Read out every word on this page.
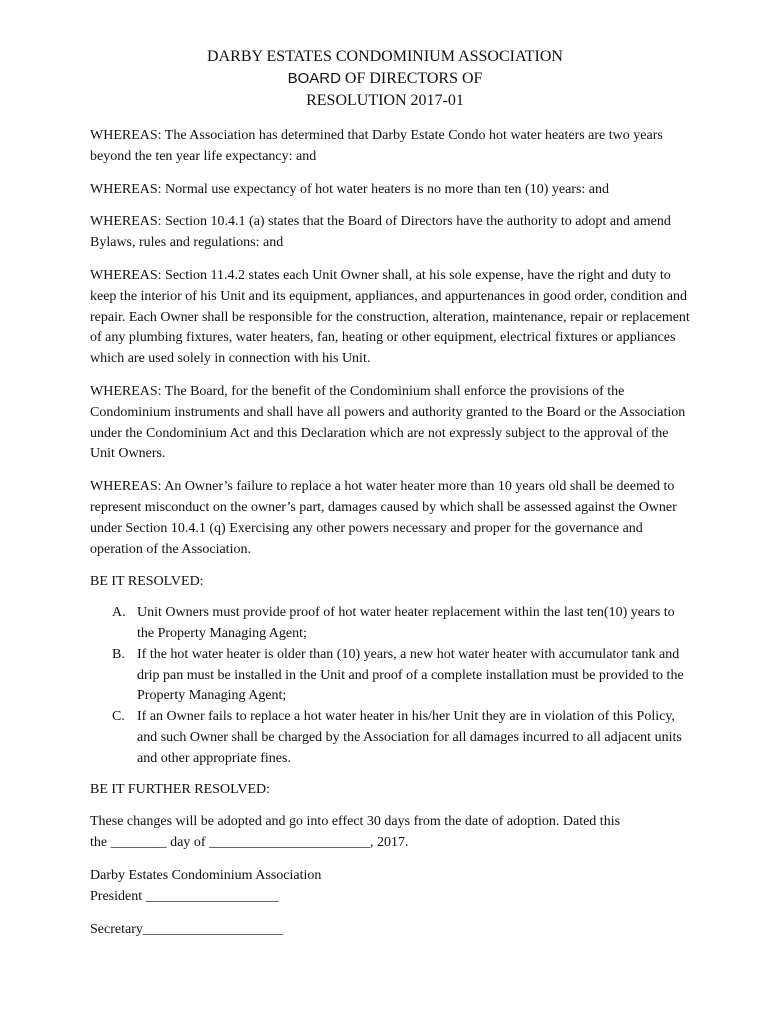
DARBY ESTATES CONDOMINIUM ASSOCIATION
BOARD OF DIRECTORS OF
RESOLUTION 2017-01

WHEREAS: The Association has determined that Darby Estate Condo hot water heaters are two years beyond the ten year life expectancy: and

WHEREAS: Normal use expectancy of hot water heaters is no more than ten (10) years: and

WHEREAS: Section 10.4.1 (a) states that the Board of Directors have the authority to adopt and amend Bylaws, rules and regulations: and

WHEREAS: Section 11.4.2 states each Unit Owner shall, at his sole expense, have the right and duty to keep the interior of his Unit and its equipment, appliances, and appurtenances in good order, condition and repair. Each Owner shall be responsible for the construction, alteration, maintenance, repair or replacement of any plumbing fixtures, water heaters, fan, heating or other equipment, electrical fixtures or appliances which are used solely in connection with his Unit.

WHEREAS: The Board, for the benefit of the Condominium shall enforce the provisions of the Condominium instruments and shall have all powers and authority granted to the Board or the Association under the Condominium Act and this Declaration which are not expressly subject to the approval of the Unit Owners.

WHEREAS: An Owner’s failure to replace a hot water heater more than 10 years old shall be deemed to represent misconduct on the owner’s part, damages caused by which shall be assessed against the Owner under Section 10.4.1 (q) Exercising any other powers necessary and proper for the governance and operation of the Association.

BE IT RESOLVED:

A. Unit Owners must provide proof of hot water heater replacement within the last ten(10) years to the Property Managing Agent;
B. If the hot water heater is older than (10) years, a new hot water heater with accumulator tank and drip pan must be installed in the Unit and proof of a complete installation must be provided to the Property Managing Agent;
C. If an Owner fails to replace a hot water heater in his/her Unit they are in violation of this Policy, and such Owner shall be charged by the Association for all damages incurred to all adjacent units and other appropriate fines.

BE IT FURTHER RESOLVED:

These changes will be adopted and go into effect 30 days from the date of adoption. Dated this
the ________ day of _______________________, 2017.

Darby Estates Condominium Association

President ___________________

Secretary____________________
